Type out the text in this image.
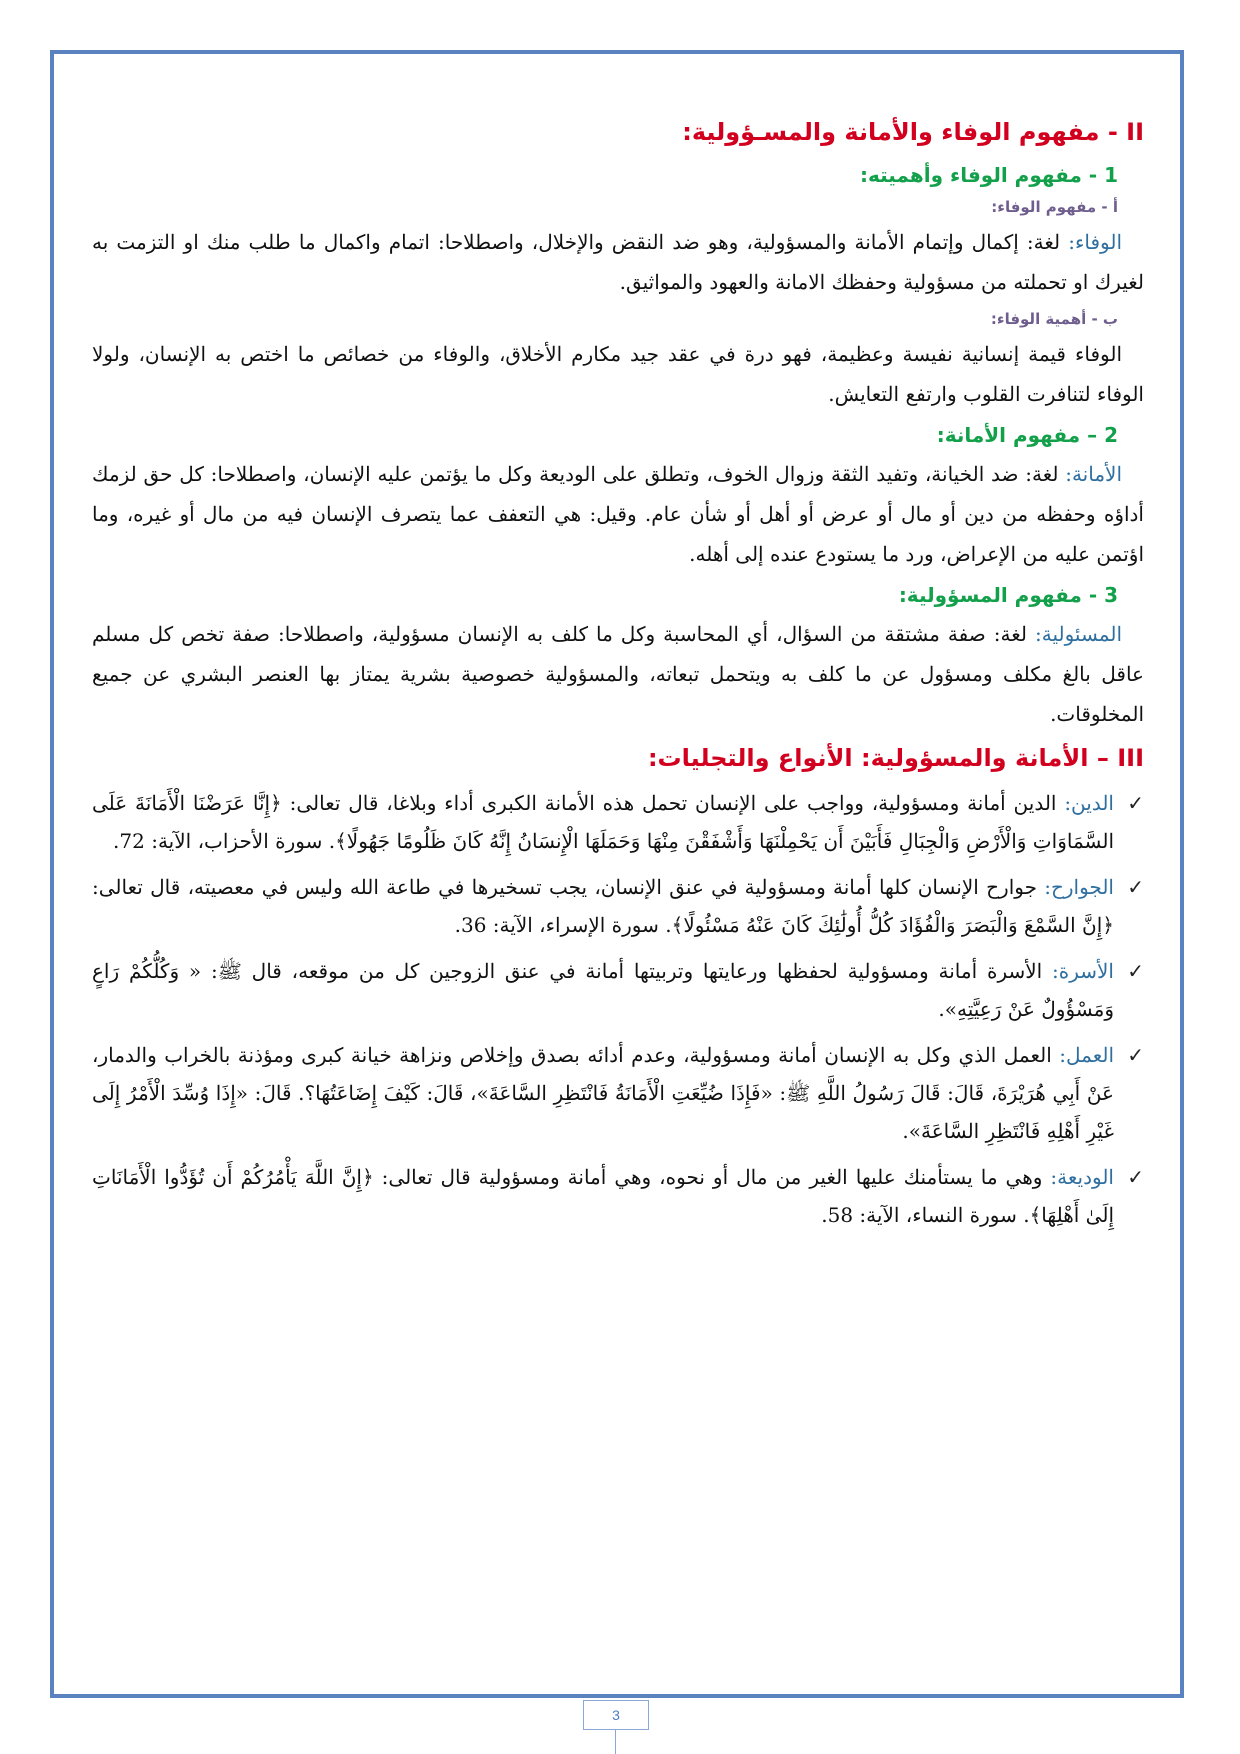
II - مفهوم الوفاء والأمانة والمسـؤولية:
1 - مفهوم الوفاء وأهميته:
أ - مفهوم الوفاء:

الوفاء: لغة: إكمال وإتمام الأمانة والمسؤولية، وهو ضد النقض والإخلال، واصطلاحا: اتمام واكمال ما طلب منك او التزمت به لغيرك او تحملته من مسؤولية وحفظك الامانة والعهود والمواثيق.

ب - أهمية الوفاء:

الوفاء قيمة إنسانية نفيسة وعظيمة، فهو درة في عقد جيد مكارم الأخلاق، والوفاء من خصائص ما اختص به الإنسان، ولولا الوفاء لتنافرت القلوب وارتفع التعايش.

2 – مفهوم الأمانة:

الأمانة: لغة: ضد الخيانة، وتفيد الثقة وزوال الخوف، وتطلق على الوديعة وكل ما يؤتمن عليه الإنسان، واصطلاحا: كل حق لزمك أداؤه وحفظه من دين أو مال أو عرض أو أهل أو شأن عام. وقيل: هي التعفف عما يتصرف الإنسان فيه من مال أو غيره، وما اؤتمن عليه من الإعراض، ورد ما يستودع عنده إلى أهله.

3 - مفهوم المسؤولية:

المسئولية: لغة: صفة مشتقة من السؤال، أي المحاسبة وكل ما كلف به الإنسان مسؤولية، واصطلاحا: صفة تخص كل مسلم عاقل بالغ مكلف ومسؤول عن ما كلف به ويتحمل تبعاته، والمسؤولية خصوصية بشرية يمتاز بها العنصر البشري عن جميع المخلوقات.

III – الأمانة والمسؤولية: الأنواع والتجليات:
✓
الدين: الدين أمانة ومسؤولية، وواجب على الإنسان تحمل هذه الأمانة الكبرى أداء وبلاغا، قال تعالى: ﴿إِنَّا عَرَضْنَا الْأَمَانَةَ عَلَى السَّمَاوَاتِ وَالْأَرْضِ وَالْجِبَالِ فَأَبَيْنَ أَن يَحْمِلْنَهَا وَأَشْفَقْنَ مِنْهَا وَحَمَلَهَا الْإِنسَانُ إِنَّهُ كَانَ ظَلُومًا جَهُولًا﴾. سورة الأحزاب، الآية: 72.
✓
الجوارح: جوارح الإنسان كلها أمانة ومسؤولية في عنق الإنسان، يجب تسخيرها في طاعة الله وليس في معصيته، قال تعالى: ﴿إِنَّ السَّمْعَ وَالْبَصَرَ وَالْفُؤَادَ كُلُّ أُولَٰئِكَ كَانَ عَنْهُ مَسْئُولًا﴾. سورة الإسراء، الآية: 36.
✓
الأسرة: الأسرة أمانة ومسؤولية لحفظها ورعايتها وتربيتها أمانة في عنق الزوجين كل من موقعه، قال ﷺ: « وَكُلُّكُمْ رَاعٍ وَمَسْؤُولٌ عَنْ رَعِيَّتِهِ».
✓
العمل: العمل الذي وكل به الإنسان أمانة ومسؤولية، وعدم أدائه بصدق وإخلاص ونزاهة خيانة كبرى ومؤذنة بالخراب والدمار، عَنْ أَبِي هُرَيْرَةَ، قَالَ: قَالَ رَسُولُ اللَّهِ ﷺ: «فَإِذَا ضُيِّعَتِ الْأَمَانَةُ فَانْتَظِرِ السَّاعَةَ»، قَالَ: كَيْفَ إِضَاعَتُهَا؟. قَالَ: «إِذَا وُسِّدَ الْأَمْرُ إِلَى غَيْرِ أَهْلِهِ فَانْتَظِرِ السَّاعَةَ».
✓
الوديعة: وهي ما يستأمنك عليها الغير من مال أو نحوه، وهي أمانة ومسؤولية قال تعالى: ﴿إِنَّ اللَّهَ يَأْمُرُكُمْ أَن تُؤَدُّوا الْأَمَانَاتِ إِلَىٰ أَهْلِهَا﴾. سورة النساء، الآية: 58.
3
